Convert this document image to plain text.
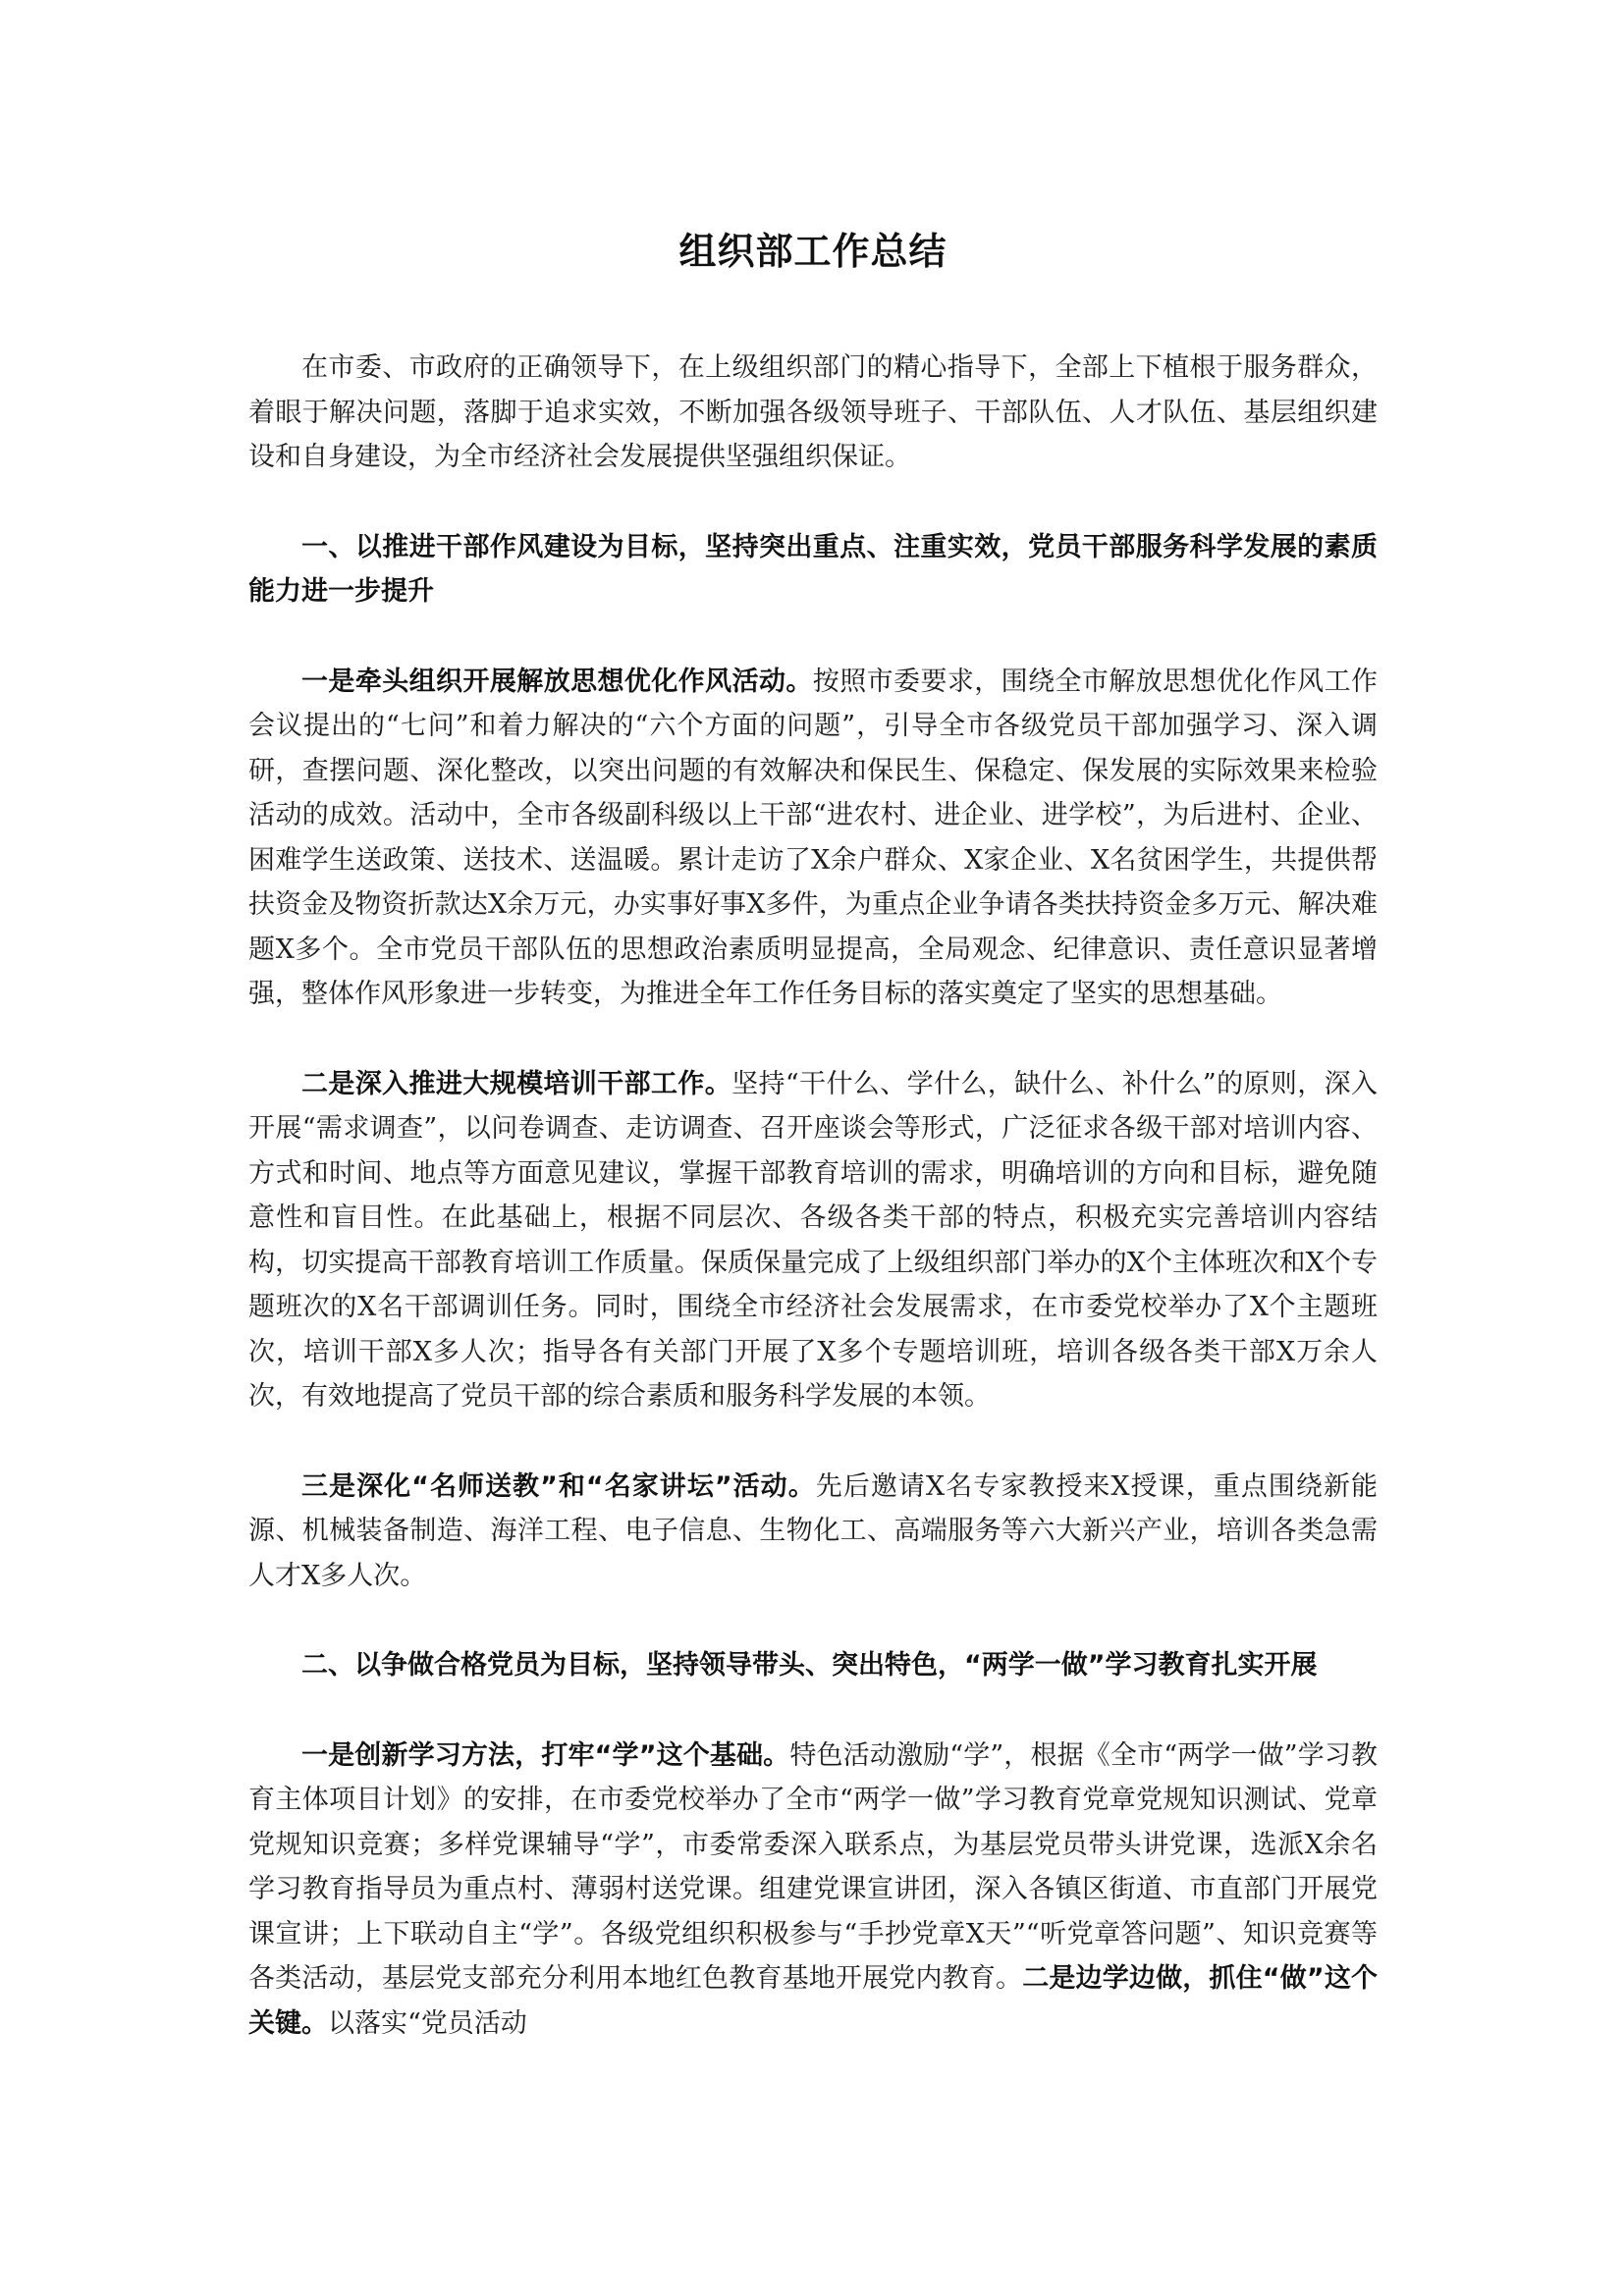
组织部工作总结

在市委、市政府的正确领导下，在上级组织部门的精心指导下，全部上下植根于服务群众，着眼于解决问题，落脚于追求实效，不断加强各级领导班子、干部队伍、人才队伍、基层组织建设和自身建设，为全市经济社会发展提供坚强组织保证。

一、以推进干部作风建设为目标，坚持突出重点、注重实效，党员干部服务科学发展的素质能力进一步提升

一是牵头组织开展解放思想优化作风活动。按照市委要求，围绕全市解放思想优化作风工作会议提出的“七问”和着力解决的“六个方面的问题”，引导全市各级党员干部加强学习、深入调研，查摆问题、深化整改，以突出问题的有效解决和保民生、保稳定、保发展的实际效果来检验活动的成效。活动中，全市各级副科级以上干部“进农村、进企业、进学校”，为后进村、企业、困难学生送政策、送技术、送温暖。累计走访了X余户群众、X家企业、X名贫困学生，共提供帮扶资金及物资折款达X余万元，办实事好事X多件，为重点企业争请各类扶持资金多万元、解决难题X多个。全市党员干部队伍的思想政治素质明显提高，全局观念、纪律意识、责任意识显著增强，整体作风形象进一步转变，为推进全年工作任务目标的落实奠定了坚实的思想基础。

二是深入推进大规模培训干部工作。坚持“干什么、学什么，缺什么、补什么”的原则，深入开展“需求调查”，以问卷调查、走访调查、召开座谈会等形式，广泛征求各级干部对培训内容、方式和时间、地点等方面意见建议，掌握干部教育培训的需求，明确培训的方向和目标，避免随意性和盲目性。在此基础上，根据不同层次、各级各类干部的特点，积极充实完善培训内容结构，切实提高干部教育培训工作质量。保质保量完成了上级组织部门举办的X个主体班次和X个专题班次的X名干部调训任务。同时，围绕全市经济社会发展需求，在市委党校举办了X个主题班次，培训干部X多人次；指导各有关部门开展了X多个专题培训班，培训各级各类干部X万余人次，有效地提高了党员干部的综合素质和服务科学发展的本领。

三是深化“名师送教”和“名家讲坛”活动。先后邀请X名专家教授来X授课，重点围绕新能源、机械装备制造、海洋工程、电子信息、生物化工、高端服务等六大新兴产业，培训各类急需人才X多人次。

二、以争做合格党员为目标，坚持领导带头、突出特色，“两学一做”学习教育扎实开展

一是创新学习方法，打牢“学”这个基础。特色活动激励“学”，根据《全市“两学一做”学习教育主体项目计划》的安排，在市委党校举办了全市“两学一做”学习教育党章党规知识测试、党章党规知识竞赛；多样党课辅导“学”，市委常委深入联系点，为基层党员带头讲党课，选派X余名学习教育指导员为重点村、薄弱村送党课。组建党课宣讲团，深入各镇区街道、市直部门开展党课宣讲；上下联动自主“学”。各级党组织积极参与“手抄党章X天”“听党章答问题”、知识竞赛等各类活动，基层党支部充分利用本地红色教育基地开展党内教育。二是边学边做，抓住“做”这个关键。以落实“党员活动
